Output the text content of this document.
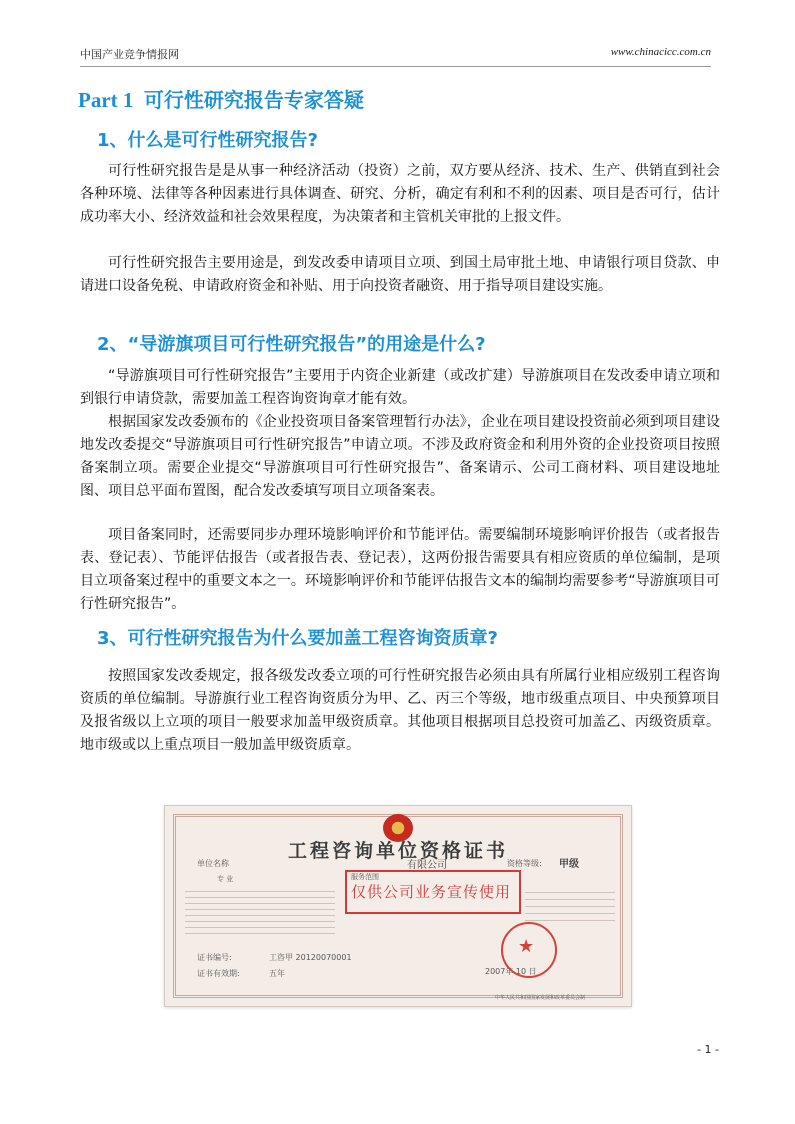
中国产业竞争情报网	www.chinacicc.com.cn
Part 1 可行性研究报告专家答疑
1、什么是可行性研究报告?

可行性研究报告是是从事一种经济活动（投资）之前，双方要从经济、技术、生产、供销直到社会各种环境、法律等各种因素进行具体调查、研究、分析，确定有利和不利的因素、项目是否可行，估计成功率大小、经济效益和社会效果程度，为决策者和主管机关审批的上报文件。

可行性研究报告主要用途是，到发改委申请项目立项、到国土局审批土地、申请银行项目贷款、申请进口设备免税、申请政府资金和补贴、用于向投资者融资、用于指导项目建设实施。

2、“导游旗项目可行性研究报告”的用途是什么?

“导游旗项目可行性研究报告”主要用于内资企业新建（或改扩建）导游旗项目在发改委申请立项和到银行申请贷款，需要加盖工程咨询资询章才能有效。

根据国家发改委颁布的《企业投资项目备案管理暂行办法》，企业在项目建设投资前必须到项目建设地发改委提交“导游旗项目可行性研究报告”申请立项。不涉及政府资金和利用外资的企业投资项目按照备案制立项。需要企业提交“导游旗项目可行性研究报告”、备案请示、公司工商材料、项目建设地址图、项目总平面布置图，配合发改委填写项目立项备案表。

项目备案同时，还需要同步办理环境影响评价和节能评估。需要编制环境影响评价报告（或者报告表、登记表）、节能评估报告（或者报告表、登记表），这两份报告需要具有相应资质的单位编制，是项目立项备案过程中的重要文本之一。环境影响评价和节能评估报告文本的编制均需要参考“导游旗项目可行性研究报告”。

3、可行性研究报告为什么要加盖工程咨询资质章?

按照国家发改委规定，报各级发改委立项的可行性研究报告必须由具有所属行业相应级别工程咨询资质的单位编制。导游旗行业工程咨询资质分为甲、乙、丙三个等级，地市级重点项目、中央预算项目及报省级以上立项的项目一般要求加盖甲级资质章。其他项目根据项目总投资可加盖乙、丙级资质章。地市级或以上重点项目一般加盖甲级资质章。

工程咨询单位资格证书
单位名称	有限公司	资格等级: 甲级
专 业	服务范围
仅供公司业务宣传使用
证书编号:	工咨甲 20120070001
证书有效期:	五年
★	2007年 10 日
中华人民共和国国家发展和改革委员会制
- 1 -
